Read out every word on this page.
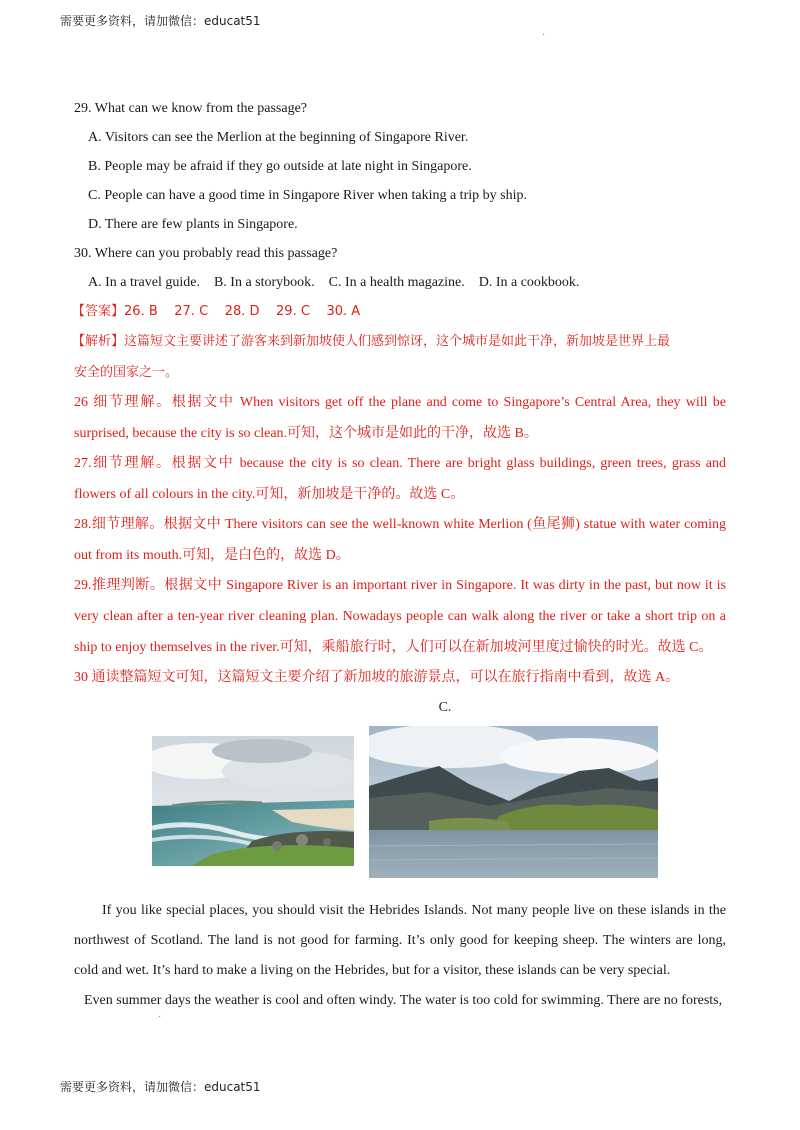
需要更多资料，请加微信：educat51
·
29. What can we know from the passage?
A. Visitors can see the Merlion at the beginning of Singapore River.
B. People may be afraid if they go outside at late night in Singapore.
C. People can have a good time in Singapore River when taking a trip by ship.
D. There are few plants in Singapore.
30. Where can you probably read this passage?
A. In a travel guide.    B. In a storybook.    C. In a health magazine.    D. In a cookbook.
【答案】26. B    27. C    28. D    29. C    30. A
【解析】这篇短文主要讲述了游客来到新加坡使人们感到惊讶，这个城市是如此干净，新加坡是世界上最
安全的国家之一。
26 细节理解。根据文中 When visitors get off the plane and come to Singapore’s Central Area, they will be
surprised, because the city is so clean.可知，这个城市是如此的干净，故选 B。
27.细节理解。根据文中 because the city is so clean. There are bright glass buildings, green trees, grass and
flowers of all colours in the city.可知，新加坡是干净的。故选 C。
28.细节理解。根据文中 There visitors can see the well-known white Merlion (鱼尾狮) statue with water coming
out from its mouth.可知，是白色的，故选 D。
29.推理判断。根据文中 Singapore River is an important river in Singapore. It was dirty in the past, but now it is
very clean after a ten-year river cleaning plan. Nowadays people can walk along the river or take a short trip on a
ship to enjoy themselves in the river.可知，乘船旅行时，人们可以在新加坡河里度过愉快的时光。故选 C。
30 通读整篇短文可知，这篇短文主要介绍了新加坡的旅游景点，可以在旅行指南中看到，故选 A。
C.
If you like special places, you should visit the Hebrides Islands. Not many people live on these islands in the northwest of Scotland. The land is not good for farming. It’s only good for keeping sheep. The winters are long, cold and wet. It’s hard to make a living on the Hebrides, but for a visitor, these islands can be very special.
Even summer days the weather is cool and often windy. The water is too cold for swimming. There are no forests,
·
需要更多资料，请加微信：educat51
